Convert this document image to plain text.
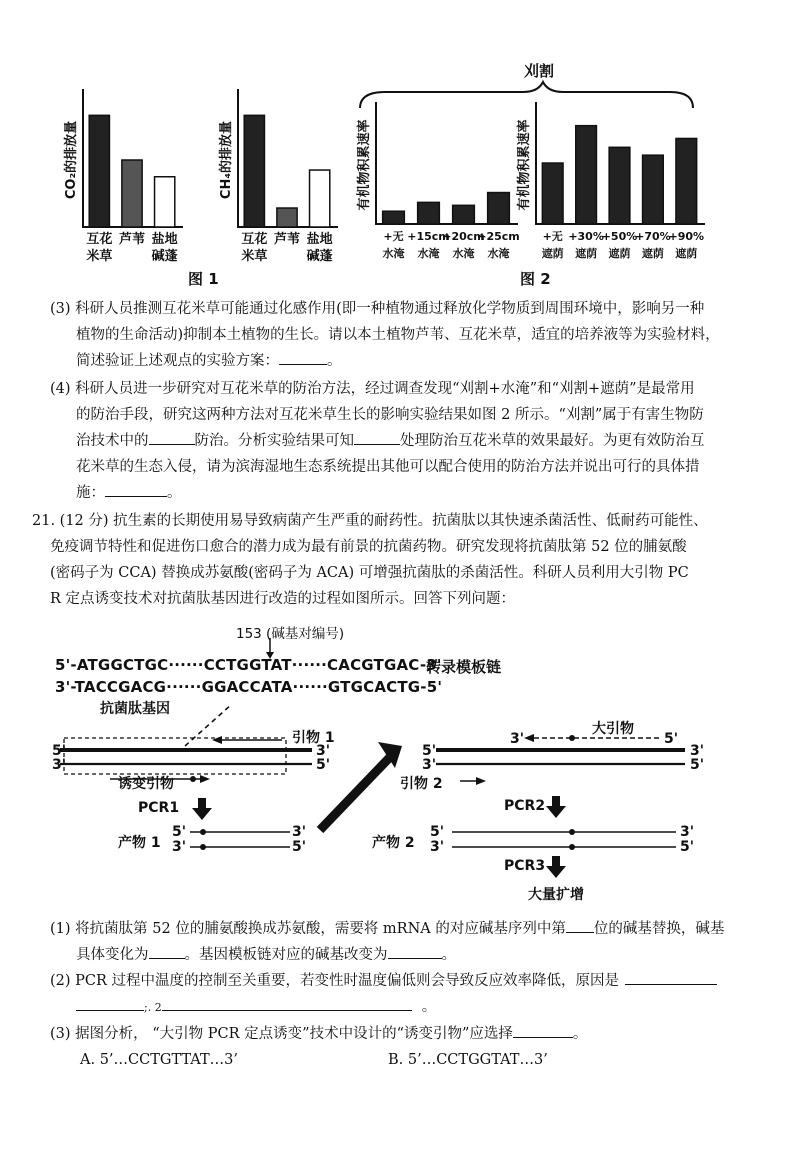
CO₂的排放量
互花
米草
芦苇 盐地
碱蓬
CH₄的排放量
互花
米草
芦苇 盐地
碱蓬
图 1
刈割
有机物积累速率
+无
水淹
+15cm
水淹
+20cm
水淹
+25cm
水淹
有机物积累速率
+无
遮荫
+30%
遮荫
+50%
遮荫
+70%
遮荫
+90%
遮荫
图 2
(3) 科研人员推测互花米草可能通过化感作用(即一种植物通过释放化学物质到周围环境中，影响另一种
植物的生命活动)抑制本土植物的生长。请以本土植物芦苇、互花米草，适宜的培养液等为实验材料，
简述验证上述观点的实验方案：	。
(4) 科研人员进一步研究对互花米草的防治方法，经过调查发现“刈割+水淹”和“刈割+遮荫”是最常用
的防治手段，研究这两种方法对互花米草生长的影响实验结果如图 2 所示。“刈割”属于有害生物防
治技术中的	防治。分析实验结果可知	处理防治互花米草的效果最好。为更有效防治互
花米草的生态入侵，请为滨海湿地生态系统提出其他可以配合使用的防治方法并说出可行的具体措
施：	。
21. (12 分) 抗生素的长期使用易导致病菌产生严重的耐药性。抗菌肽以其快速杀菌活性、低耐药可能性、
免疫调节特性和促进伤口愈合的潜力成为最有前景的抗菌药物。研究发现将抗菌肽第 52 位的脯氨酸
(密码子为 CCA) 替换成苏氨酸(密码子为 ACA) 可增强抗菌肽的杀菌活性。科研人员利用大引物 PC
R 定点诱变技术对抗菌肽基因进行改造的过程如图所示。回答下列问题：
153 (碱基对编号)
5'-ATGGCTGC······CCTGGTAT······CACGTGAC-3'
转录模板链
3'-TACCGACG······GGACCATA······GTGCACTG-5'
抗菌肽基因
引物 1
5'	3'
3'	5'
诱变引物
PCR1
产物 1
5'	3'
3'	5'
大引物
3'	5'
5'	3'
3'	5'
引物 2
PCR2
产物 2
5'	3'
3'	5'
PCR3
大量扩增
(1) 将抗菌肽第 52 位的脯氨酸换成苏氨酸，需要将 mRNA 的对应碱基序列中第 位的碱基替换，碱基
具体变化为 。基因模板链对应的碱基改变为	。
(2) PCR 过程中温度的控制至关重要，若变性时温度偏低则会导致反应效率降低，原因是
;. 2	。
(3) 据图分析， “大引物 PCR 定点诱变”技术中设计的“诱变引物”应选择	。
A. 5’…CCTGTTAT…3’	B. 5’…CCTGGTAT…3’
